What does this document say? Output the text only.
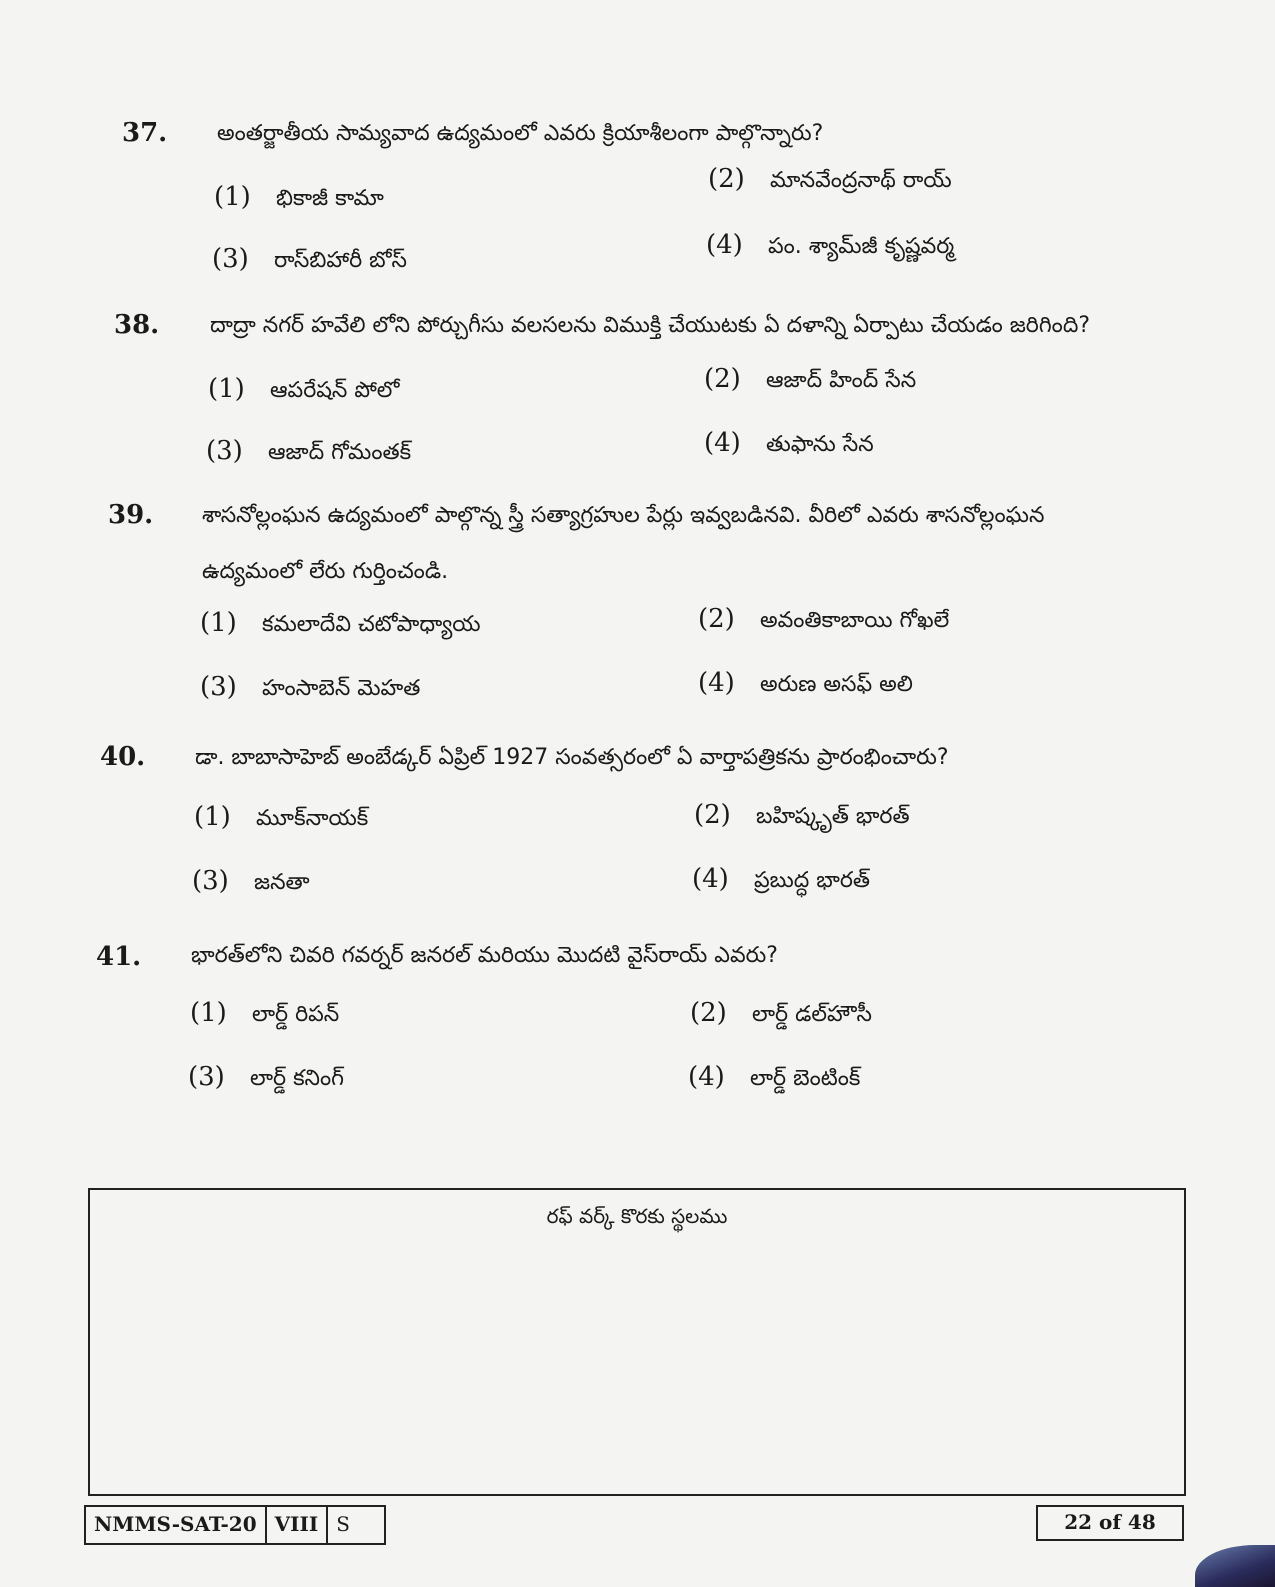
37.	అంతర్జాతీయ సామ్యవాద ఉద్యమంలో ఎవరు క్రియాశీలంగా పాల్గొన్నారు?
(1) భికాజీ కామా
(2) మానవేంద్రనాథ్ రాయ్
(3) రాస్‌బిహారీ బోస్
(4) పం. శ్యామ్‌జీ కృష్ణవర్మ
38.	దాద్రా నగర్ హవేలి లోని పోర్చుగీసు వలసలను విముక్తి చేయుటకు ఏ దళాన్ని ఏర్పాటు చేయడం జరిగింది?
(1) ఆపరేషన్ పోలో	(2) ఆజాద్ హింద్ సేన
(3) ఆజాద్ గోమంతక్	(4) తుఫాను సేన
39.	శాసనోల్లంఘన ఉద్యమంలో పాల్గొన్న స్త్రీ సత్యాగ్రహుల పేర్లు ఇవ్వబడినవి. వీరిలో ఎవరు శాసనోల్లంఘన ఉద్యమంలో లేరు గుర్తించండి.
(1) కమలాదేవి చటోపాధ్యాయ	(2) అవంతికాబాయి గోఖలే
(3) హంసాబెన్ మెహత	(4) అరుణ అసఫ్ అలి
40.	డా. బాబాసాహెబ్ అంబేడ్కర్ ఏప్రిల్ 1927 సంవత్సరంలో ఏ వార్తాపత్రికను ప్రారంభించారు?
(1) మూక్‌నాయక్	(2) బహిష్కృత్ భారత్
(3) జనతా	(4) ప్రబుద్ధ భారత్
41.	భారత్‌లోని చివరి గవర్నర్ జనరల్ మరియు మొదటి వైస్‌రాయ్ ఎవరు?
(1) లార్డ్ రిపన్	(2) లార్డ్ డల్‌హౌసీ
(3) లార్డ్ కనింగ్	(4) లార్డ్ బెంటింక్
రఫ్ వర్క్ కొరకు స్థలము
NMMS-SAT-20 VIII S	22 of 48
